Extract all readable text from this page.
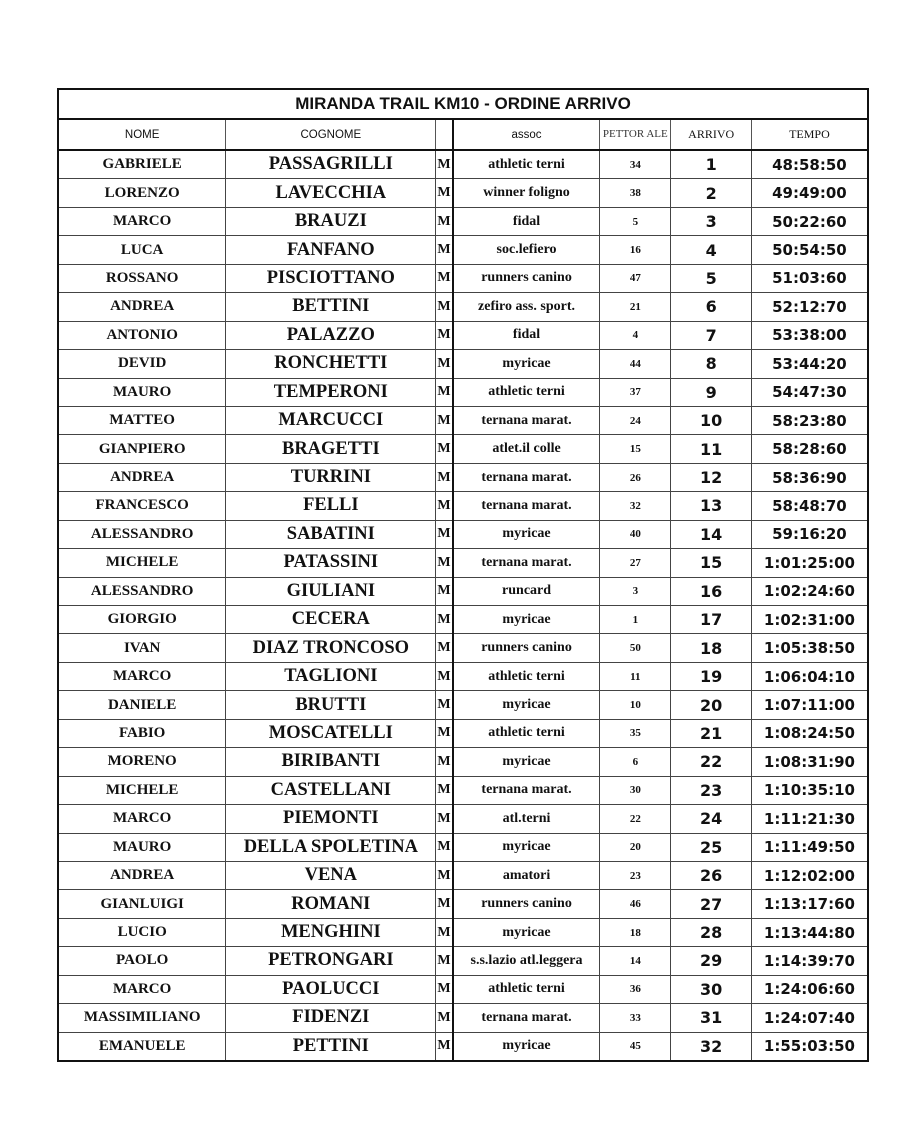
MIRANDA TRAIL KM10 - ORDINE ARRIVO
NOME	COGNOME		assoc	PETTOR ALE	ARRIVO	TEMPO
GABRIELE	PASSAGRILLI	M	athletic terni	34	1	48:58:50
LORENZO	LAVECCHIA	M	winner foligno	38	2	49:49:00
MARCO	BRAUZI	M	fidal	5	3	50:22:60
LUCA	FANFANO	M	soc.lefiero	16	4	50:54:50
ROSSANO	PISCIOTTANO	M	runners canino	47	5	51:03:60
ANDREA	BETTINI	M	zefiro ass. sport.	21	6	52:12:70
ANTONIO	PALAZZO	M	fidal	4	7	53:38:00
DEVID	RONCHETTI	M	myricae	44	8	53:44:20
MAURO	TEMPERONI	M	athletic terni	37	9	54:47:30
MATTEO	MARCUCCI	M	ternana marat.	24	10	58:23:80
GIANPIERO	BRAGETTI	M	atlet.il colle	15	11	58:28:60
ANDREA	TURRINI	M	ternana marat.	26	12	58:36:90
FRANCESCO	FELLI	M	ternana marat.	32	13	58:48:70
ALESSANDRO	SABATINI	M	myricae	40	14	59:16:20
MICHELE	PATASSINI	M	ternana marat.	27	15	1:01:25:00
ALESSANDRO	GIULIANI	M	runcard	3	16	1:02:24:60
GIORGIO	CECERA	M	myricae	1	17	1:02:31:00
IVAN	DIAZ TRONCOSO	M	runners canino	50	18	1:05:38:50
MARCO	TAGLIONI	M	athletic terni	11	19	1:06:04:10
DANIELE	BRUTTI	M	myricae	10	20	1:07:11:00
FABIO	MOSCATELLI	M	athletic terni	35	21	1:08:24:50
MORENO	BIRIBANTI	M	myricae	6	22	1:08:31:90
MICHELE	CASTELLANI	M	ternana marat.	30	23	1:10:35:10
MARCO	PIEMONTI	M	atl.terni	22	24	1:11:21:30
MAURO	DELLA SPOLETINA	M	myricae	20	25	1:11:49:50
ANDREA	VENA	M	amatori	23	26	1:12:02:00
GIANLUIGI	ROMANI	M	runners canino	46	27	1:13:17:60
LUCIO	MENGHINI	M	myricae	18	28	1:13:44:80
PAOLO	PETRONGARI	M	s.s.lazio atl.leggera	14	29	1:14:39:70
MARCO	PAOLUCCI	M	athletic terni	36	30	1:24:06:60
MASSIMILIANO	FIDENZI	M	ternana marat.	33	31	1:24:07:40
EMANUELE	PETTINI	M	myricae	45	32	1:55:03:50
